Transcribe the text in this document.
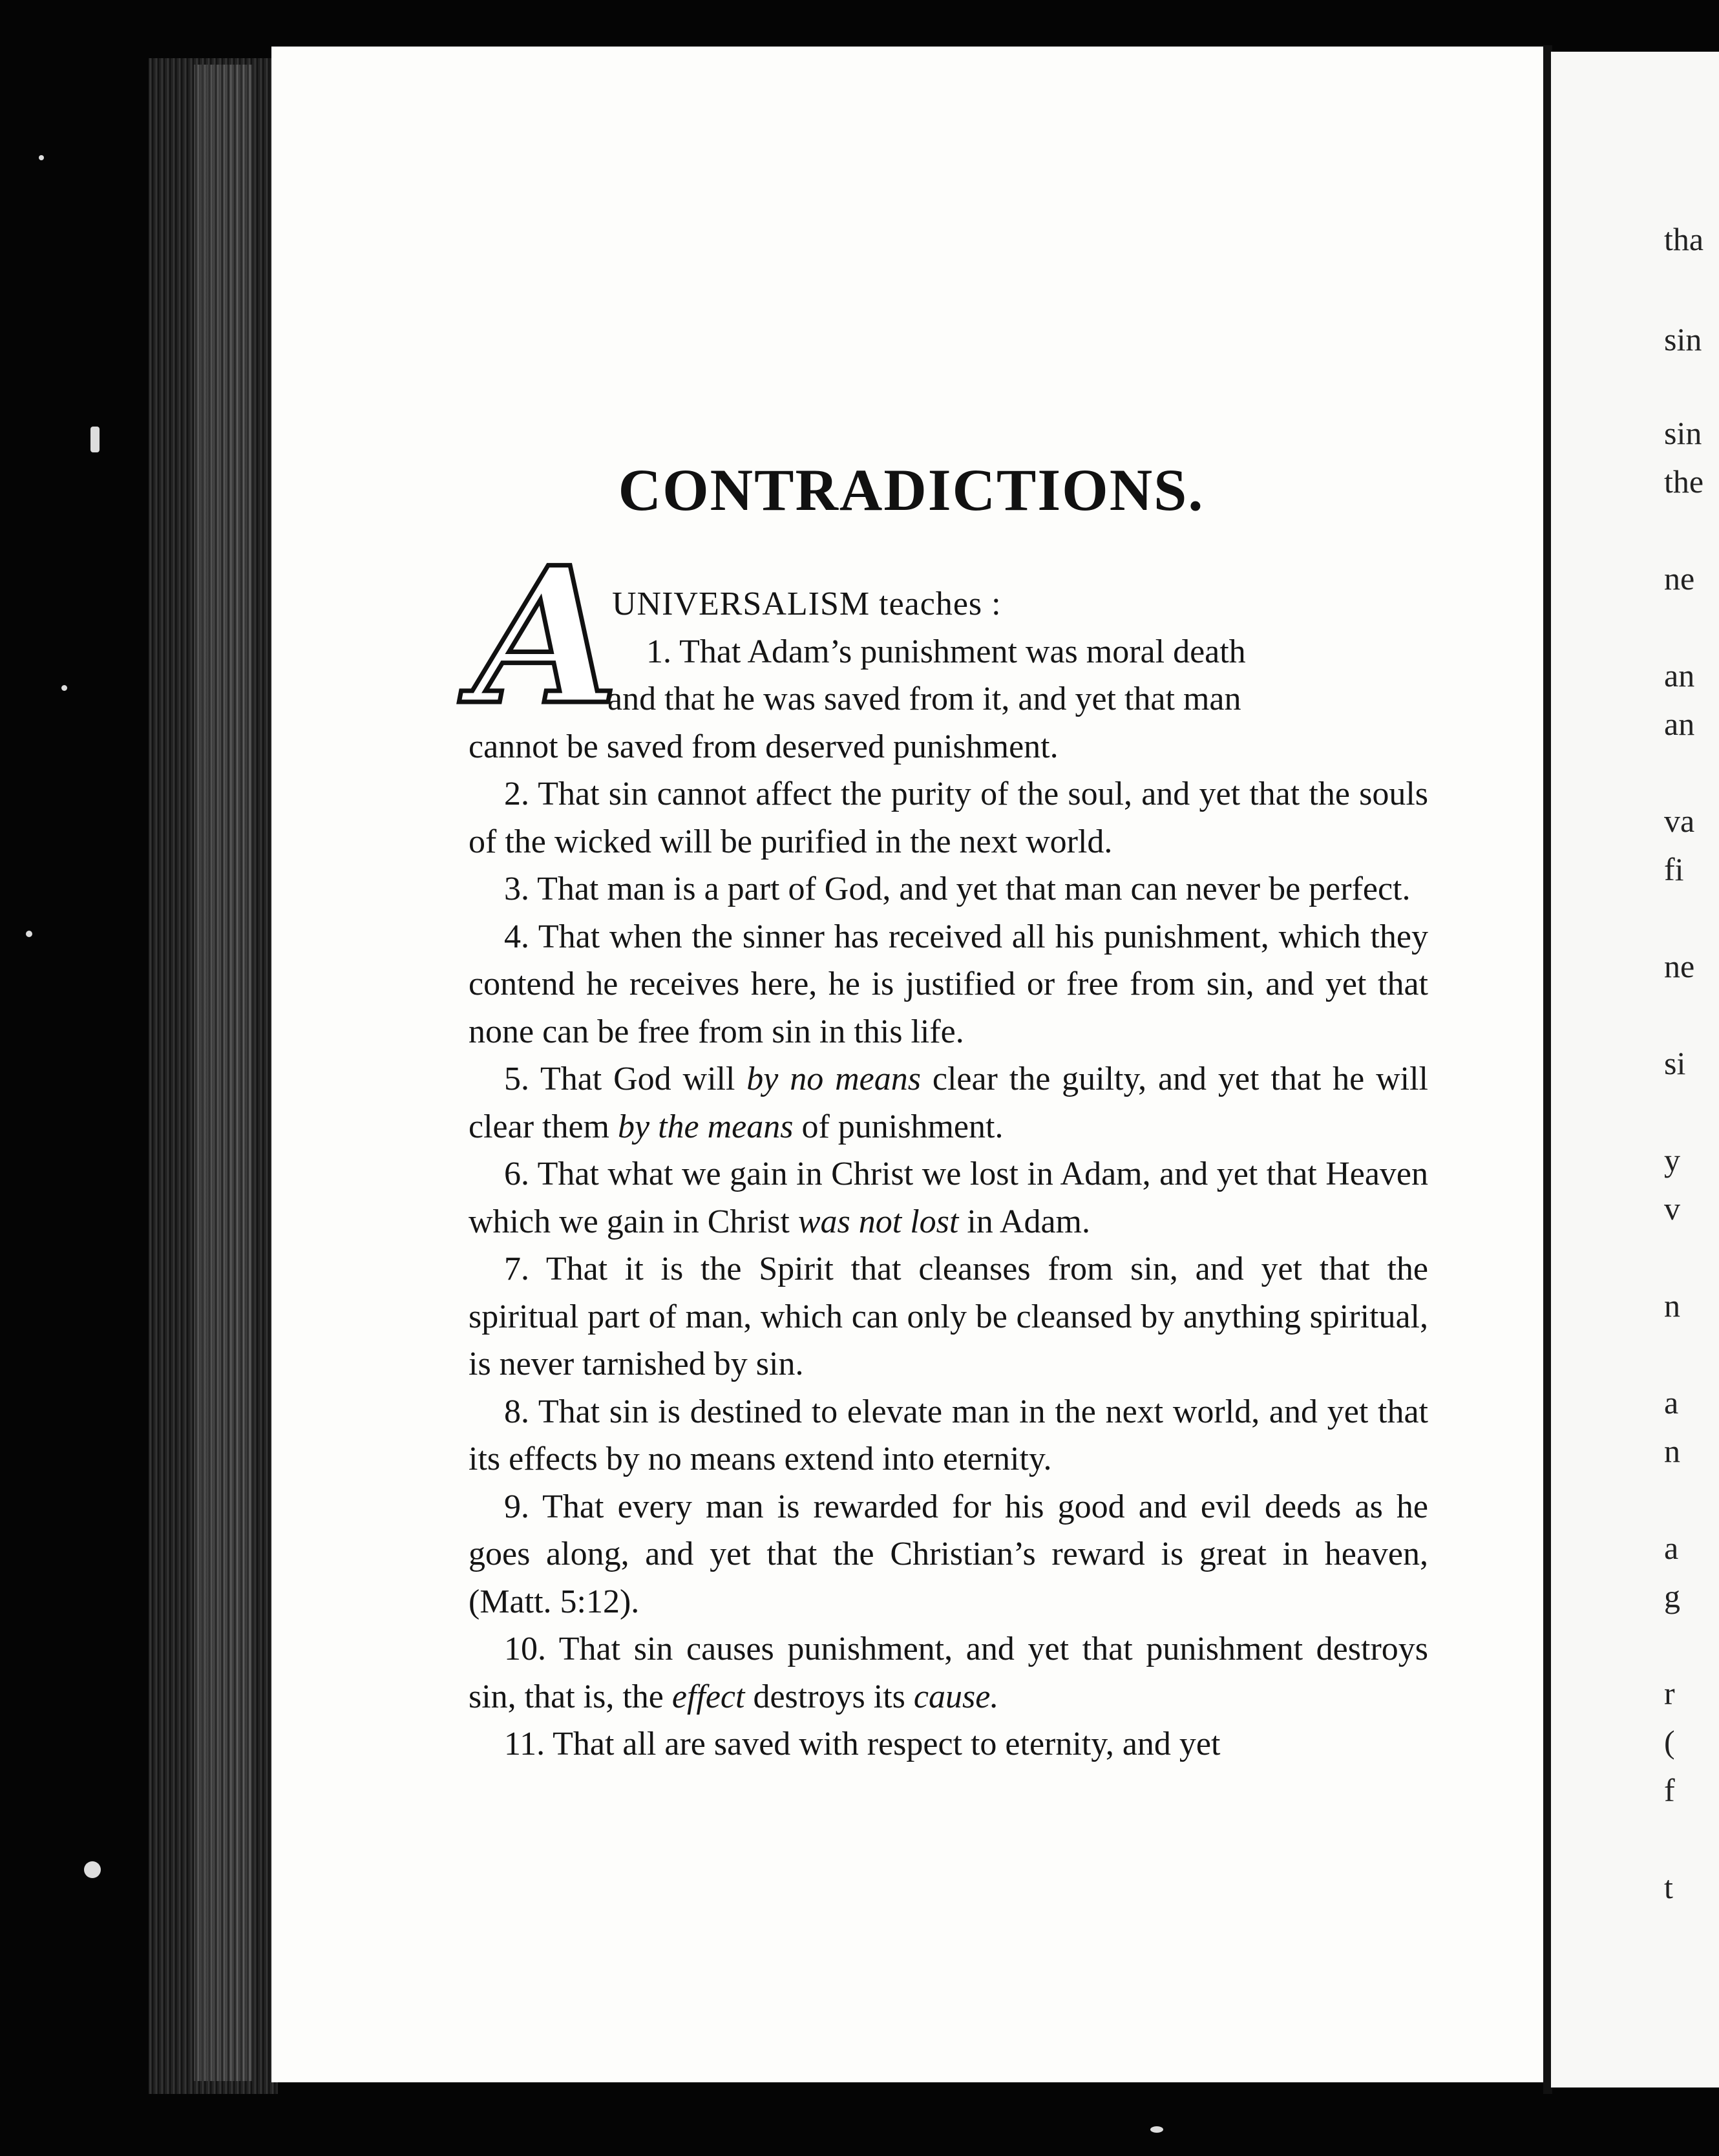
tha
sin
sin
the
ne
an
an
va
fi
ne
si
y
v
n
a
n
a
g
r
(
f
t
CONTRADICTIONS.
A

UNIVERSALISM teaches :

1. That Adam’s punishment was moral death

and that he was saved from it, and yet that man

cannot be saved from deserved punishment.

2. That sin cannot affect the purity of the soul, and yet that the souls of the wicked will be purified in the next world.

3. That man is a part of God, and yet that man can never be perfect.

4. That when the sinner has received all his punishment, which they contend he receives here, he is justified or free from sin, and yet that none can be free from sin in this life.

5. That God will by no means clear the guilty, and yet that he will clear them by the means of punishment.

6. That what we gain in Christ we lost in Adam, and yet that Heaven which we gain in Christ was not lost in Adam.

7. That it is the Spirit that cleanses from sin, and yet that the spiritual part of man, which can only be cleansed by anything spiritual, is never tarnished by sin.

8. That sin is destined to elevate man in the next world, and yet that its effects by no means extend into eternity.

9. That every man is rewarded for his good and evil deeds as he goes along, and yet that the Christian’s reward is great in heaven, (Matt. 5:12).

10. That sin causes punishment, and yet that punishment destroys sin, that is, the effect destroys its cause.

11. That all are saved with respect to eternity, and yet
